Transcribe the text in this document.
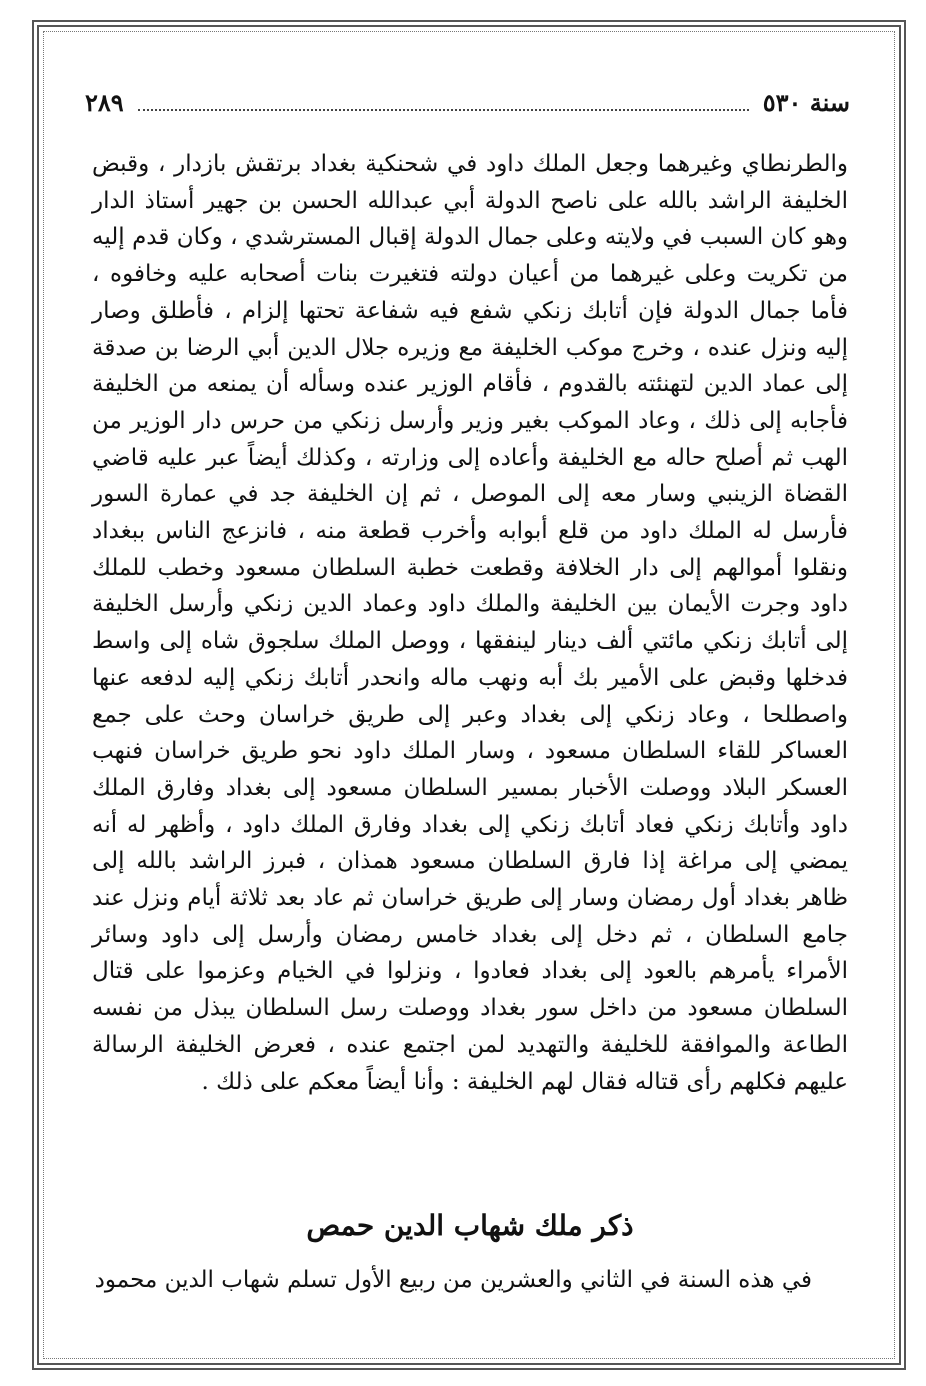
سنة ٥٣٠
٢٨٩

والطرنطاي وغيرهما وجعل الملك داود في شحنكية بغداد برتقش بازدار ، وقبض الخليفة الراشد بالله على ناصح الدولة أبي عبدالله الحسن بن جهير أستاذ الدار وهو كان السبب في ولايته وعلى جمال الدولة إقبال المسترشدي ، وكان قدم إليه من تكريت وعلى غيرهما من أعيان دولته فتغيرت بنات أصحابه عليه وخافوه ، فأما جمال الدولة فإن أتابك زنكي شفع فيه شفاعة تحتها إلزام ، فأطلق وصار إليه ونزل عنده ، وخرج موكب الخليفة مع وزيره جلال الدين أبي الرضا بن صدقة إلى عماد الدين لتهنئته بالقدوم ، فأقام الوزير عنده وسأله أن يمنعه من الخليفة فأجابه إلى ذلك ، وعاد الموكب بغير وزير وأرسل زنكي من حرس دار الوزير من الهب ثم أصلح حاله مع الخليفة وأعاده إلى وزارته ، وكذلك أيضاً عبر عليه قاضي القضاة الزينبي وسار معه إلى الموصل ، ثم إن الخليفة جد في عمارة السور فأرسل له الملك داود من قلع أبوابه وأخرب قطعة منه ، فانزعج الناس ببغداد ونقلوا أموالهم إلى دار الخلافة وقطعت خطبة السلطان مسعود وخطب للملك داود وجرت الأيمان بين الخليفة والملك داود وعماد الدين زنكي وأرسل الخليفة إلى أتابك زنكي مائتي ألف دينار لينفقها ، ووصل الملك سلجوق شاه إلى واسط فدخلها وقبض على الأمير بك أبه ونهب ماله وانحدر أتابك زنكي إليه لدفعه عنها واصطلحا ، وعاد زنكي إلى بغداد وعبر إلى طريق خراسان وحث على جمع العساكر للقاء السلطان مسعود ، وسار الملك داود نحو طريق خراسان فنهب العسكر البلاد ووصلت الأخبار بمسير السلطان مسعود إلى بغداد وفارق الملك داود وأتابك زنكي فعاد أتابك زنكي إلى بغداد وفارق الملك داود ، وأظهر له أنه يمضي إلى مراغة إذا فارق السلطان مسعود همذان ، فبرز الراشد بالله إلى ظاهر بغداد أول رمضان وسار إلى طريق خراسان ثم عاد بعد ثلاثة أيام ونزل عند جامع السلطان ، ثم دخل إلى بغداد خامس رمضان وأرسل إلى داود وسائر الأمراء يأمرهم بالعود إلى بغداد فعادوا ، ونزلوا في الخيام وعزموا على قتال السلطان مسعود من داخل سور بغداد ووصلت رسل السلطان يبذل من نفسه الطاعة والموافقة للخليفة والتهديد لمن اجتمع عنده ، فعرض الخليفة الرسالة عليهم فكلهم رأى قتاله فقال لهم الخليفة : وأنا أيضاً معكم على ذلك .

ذكر ملك شهاب الدين حمص

في هذه السنة في الثاني والعشرين من ربيع الأول تسلم شهاب الدين محمود
